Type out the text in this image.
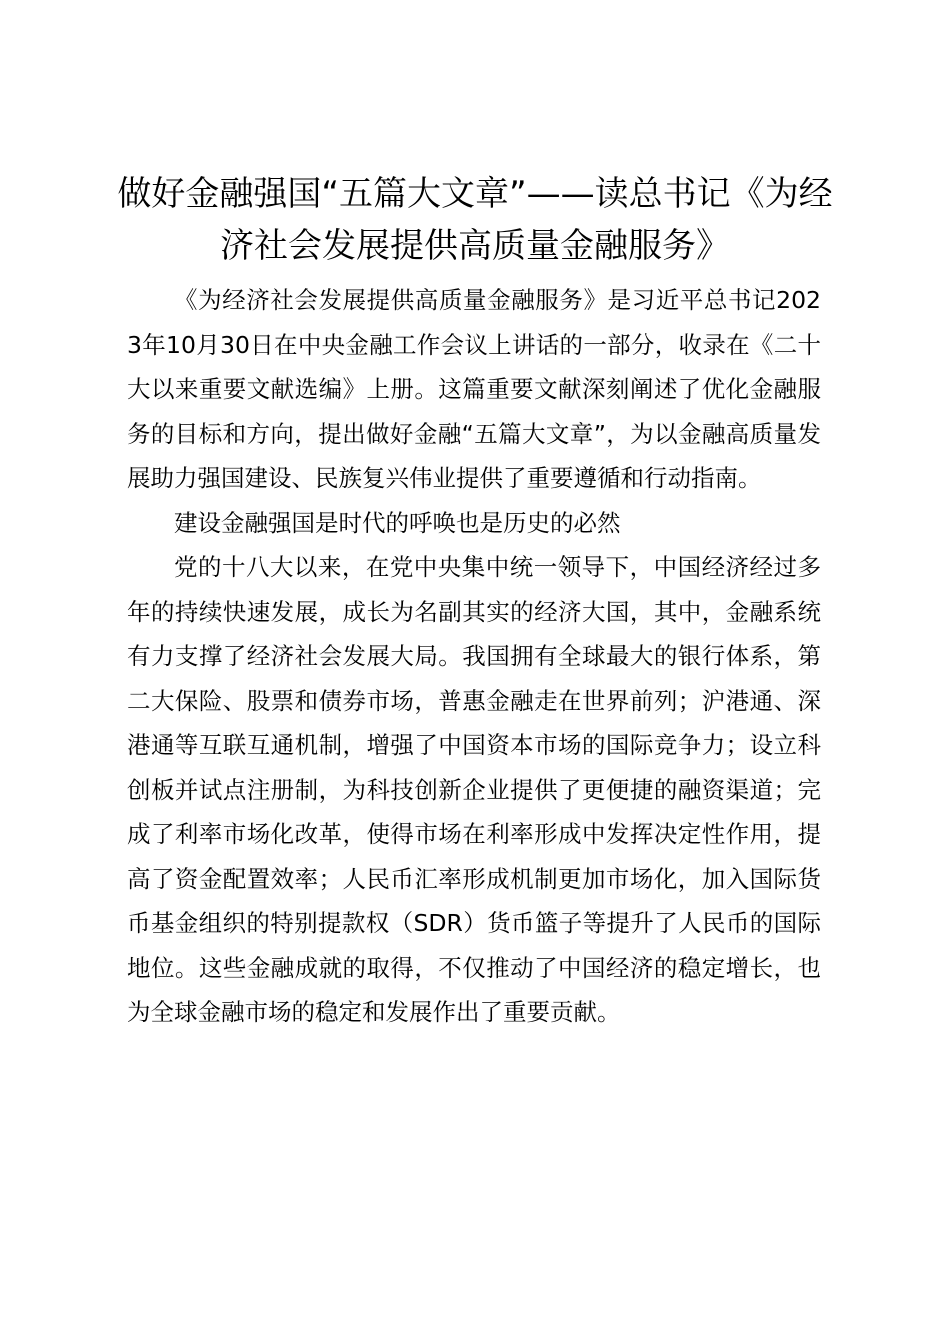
做好金融强国“五篇大文章”——读总书记《为经济社会发展提供高质量金融服务》

《为经济社会发展提供高质量金融服务》是习近平总书记2023年10月30日在中央金融工作会议上讲话的一部分，收录在《二十大以来重要文献选编》上册。这篇重要文献深刻阐述了优化金融服务的目标和方向，提出做好金融“五篇大文章”，为以金融高质量发展助力强国建设、民族复兴伟业提供了重要遵循和行动指南。

建设金融强国是时代的呼唤也是历史的必然

党的十八大以来，在党中央集中统一领导下，中国经济经过多年的持续快速发展，成长为名副其实的经济大国，其中，金融系统有力支撑了经济社会发展大局。我国拥有全球最大的银行体系，第二大保险、股票和债券市场，普惠金融走在世界前列；沪港通、深港通等互联互通机制，增强了中国资本市场的国际竞争力；设立科创板并试点注册制，为科技创新企业提供了更便捷的融资渠道；完成了利率市场化改革，使得市场在利率形成中发挥决定性作用，提高了资金配置效率；人民币汇率形成机制更加市场化，加入国际货币基金组织的特别提款权（SDR）货币篮子等提升了人民币的国际地位。这些金融成就的取得，不仅推动了中国经济的稳定增长，也为全球金融市场的稳定和发展作出了重要贡献。
